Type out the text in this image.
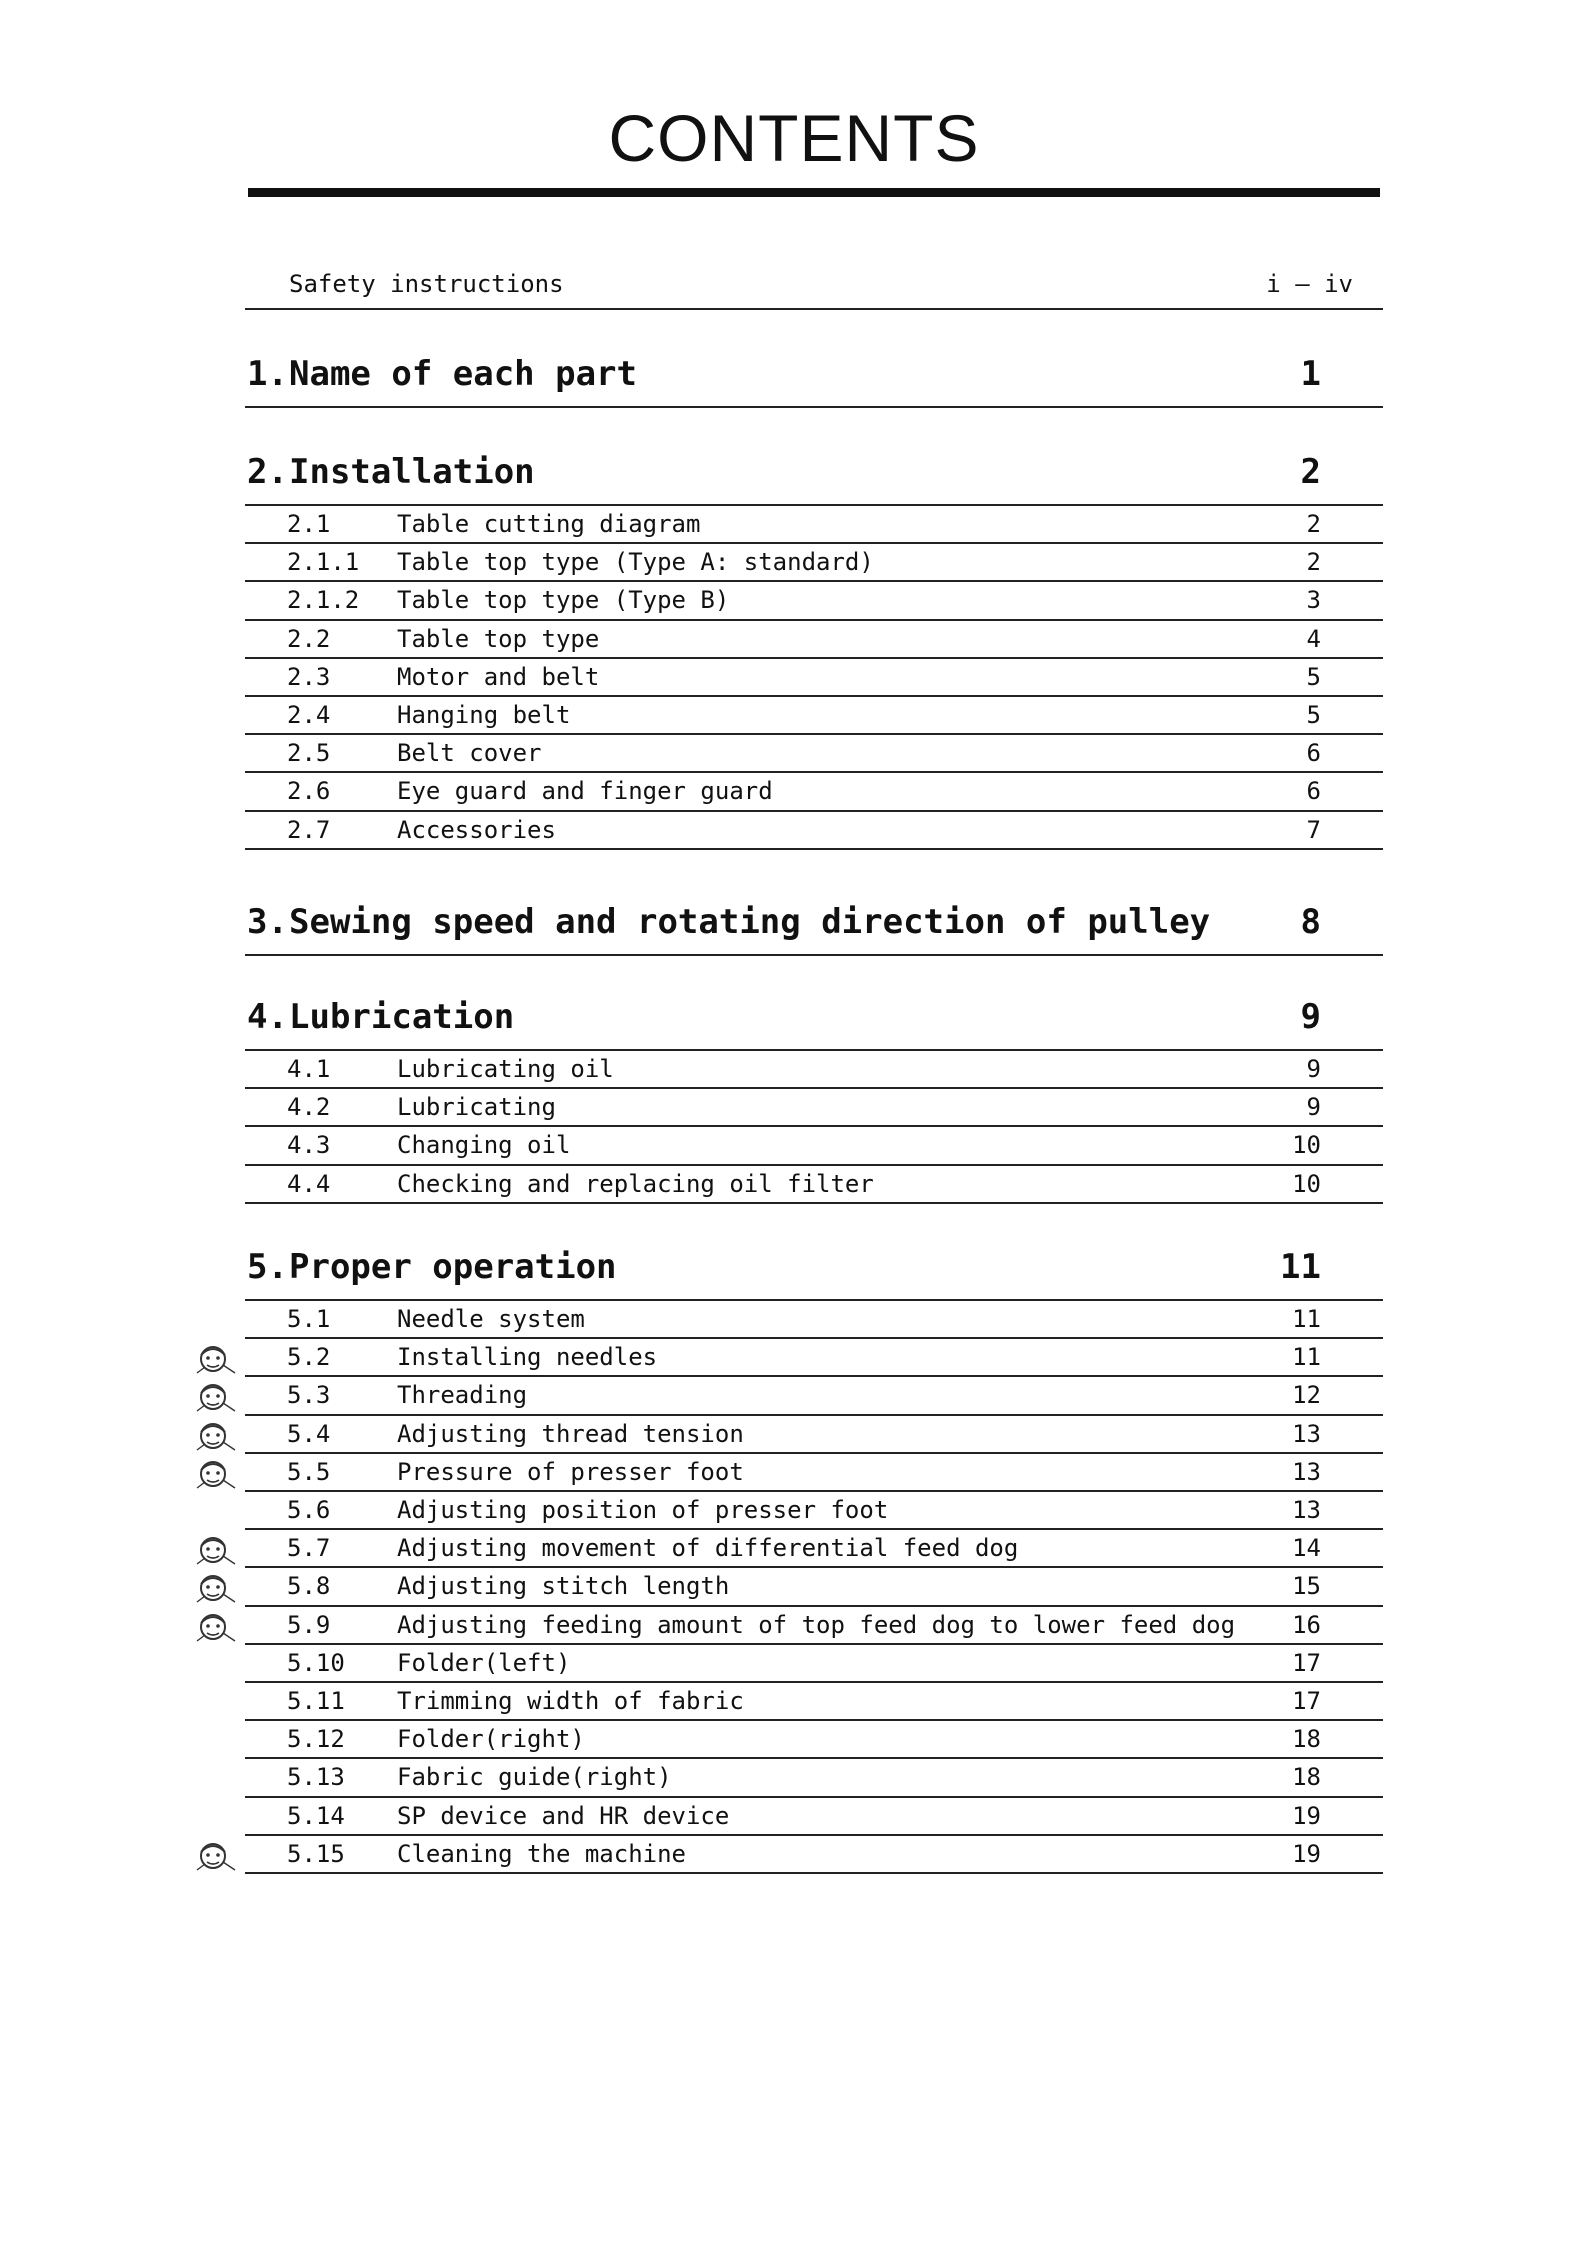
CONTENTS
Safety instructions	i — iv
1. Name of each part	1
2. Installation	2
2.1	Table cutting diagram	2
2.1.1 Table top type (Type A: standard)	2
2.1.2 Table top type (Type B)	3
2.2	Table top type	4
2.3	Motor and belt	5
2.4	Hanging belt	5
2.5	Belt cover	6
2.6	Eye guard and finger guard	6
2.7	Accessories	7
3. Sewing speed and rotating direction of pulley	8
4. Lubrication	9
4.1	Lubricating oil	9
4.2	Lubricating	9
4.3	Changing oil	10
4.4	Checking and replacing oil filter	10
5. Proper operation	11
5.1	Needle system	11
5.2	Installing needles	11
5.3	Threading	12
5.4	Adjusting thread tension	13
5.5	Pressure of presser foot	13
5.6	Adjusting position of presser foot	13
5.7	Adjusting movement of differential feed dog	14
5.8	Adjusting stitch length	15
5.9	Adjusting feeding amount of top feed dog to lower feed dog 16
5.10 Folder(left)	17
5.11 Trimming width of fabric	17
5.12 Folder(right)	18
5.13 Fabric guide(right)	18
5.14 SP device and HR device	19
5.15 Cleaning the machine	19
